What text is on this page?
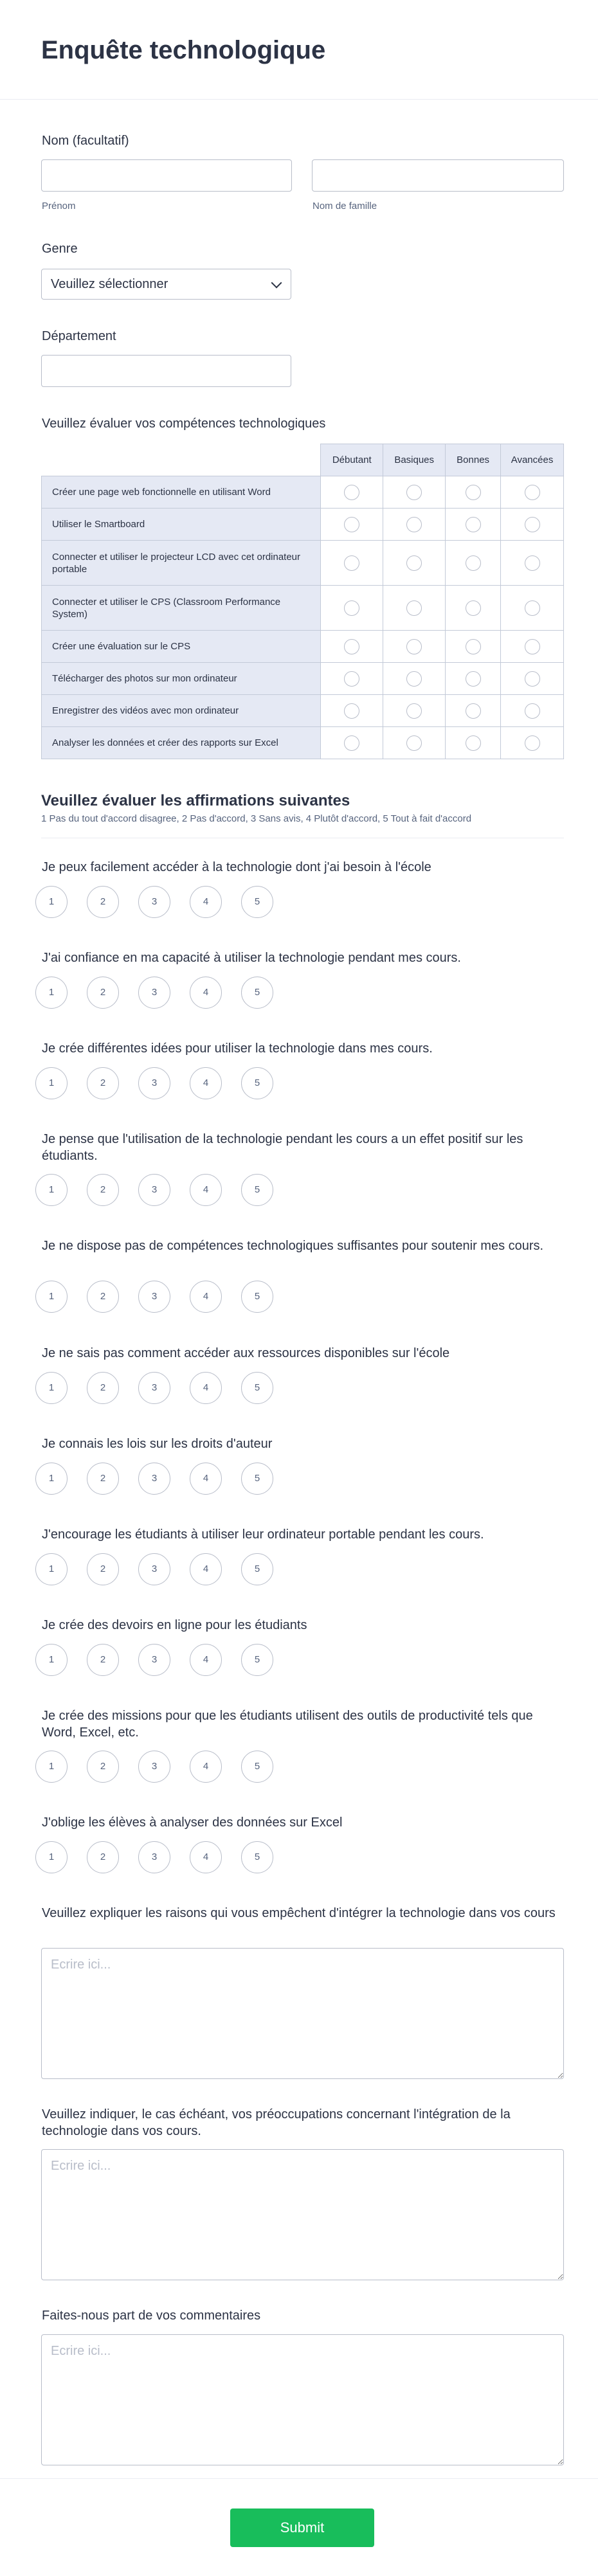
Enquête technologique
Nom (facultatif)
Prénom	Nom de famille
Genre
Veuillez sélectionner
Département
Veuillez évaluer vos compétences technologiques
	Débutant	Basiques	Bonnes	Avancées
Créer une page web fonctionnelle en utilisant Word				
Utiliser le Smartboard				
Connecter et utiliser le projecteur LCD avec cet ordinateur portable				
Connecter et utiliser le CPS (Classroom Performance System)				
Créer une évaluation sur le CPS				
Télécharger des photos sur mon ordinateur				
Enregistrer des vidéos avec mon ordinateur				
Analyser les données et créer des rapports sur Excel				
Veuillez évaluer les affirmations suivantes

1 Pas du tout d'accord disagree, 2 Pas d'accord, 3 Sans avis, 4 Plutôt d'accord, 5 Tout à fait d'accord

Je peux facilement accéder à la technologie dont j'ai besoin à l'école
1	2	3	4	5
J'ai confiance en ma capacité à utiliser la technologie pendant mes cours.
1	2	3	4	5
Je crée différentes idées pour utiliser la technologie dans mes cours.
1	2	3	4	5
Je pense que l'utilisation de la technologie pendant les cours a un effet positif sur les étudiants.
1	2	3	4	5
Je ne dispose pas de compétences technologiques suffisantes pour soutenir mes cours.
1	2	3	4	5
Je ne sais pas comment accéder aux ressources disponibles sur l'école
1	2	3	4	5
Je connais les lois sur les droits d'auteur
1	2	3	4	5
J'encourage les étudiants à utiliser leur ordinateur portable pendant les cours.
1	2	3	4	5
Je crée des devoirs en ligne pour les étudiants
1	2	3	4	5
Je crée des missions pour que les étudiants utilisent des outils de productivité tels que Word, Excel, etc.
1	2	3	4	5
J'oblige les élèves à analyser des données sur Excel
1	2	3	4	5
Veuillez expliquer les raisons qui vous empêchent d'intégrer la technologie dans vos cours
Ecrire ici...
Veuillez indiquer, le cas échéant, vos préoccupations concernant l'intégration de la technologie dans vos cours.
Ecrire ici...
Faites-nous part de vos commentaires
Ecrire ici...
Submit
